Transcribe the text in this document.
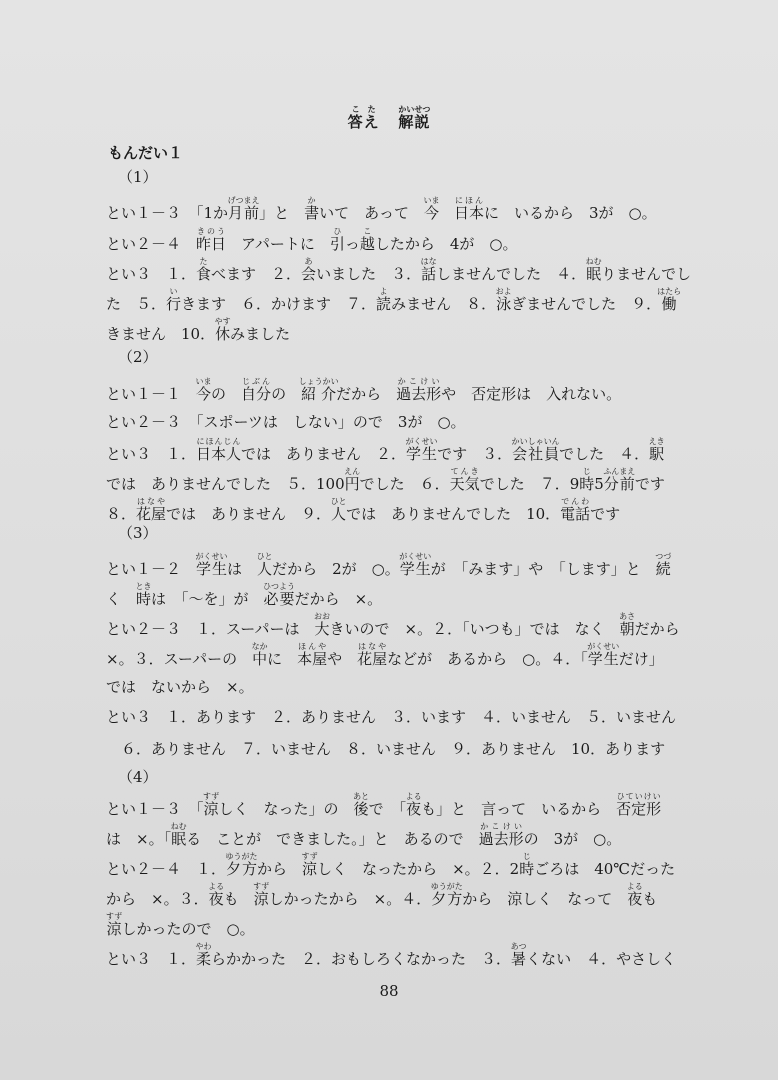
答えこた   解説かいせつ
もんだい１
（1）
（2）
（3）
（4）
とい１－３　「1か月前げつまえ」と　書かいて　あって　今いま　日本にほんに　いるから　3が　○。
とい２－４　昨日きのう　アパートに　引ひっ越こしたから　4が　○。
とい３　１．食たべます　２．会あいました　３．話はなしませんでした　４．眠ねむりませんでし
た　５．行いきます　６．かけます　７．読よみません　８．泳およぎませんでした　９．働はたら
きません　10．休やすみました
とい１－１　今いまの　自分じぶんの　紹介しょうかいだから　過去形かこけいや　否定形は　入れない。
とい２－３　「スポーツは　しない」ので　3が　○。
とい３　１．日本人にほんじんでは　ありません　２．学生がくせいです　３．会社員かいしゃいんでした　４．駅えき
では　ありませんでした　５．100円えんでした　６．天気てんきでした　７．9時じ5分前ふんまえです
８．花屋はなやでは　ありません　９．人ひとでは　ありませんでした　10．電話でんわです
とい１－２　学生がくせいは　人ひとだから　2が　○。学生がくせいが　「みます」や　「します」と　続つづ
く　時ときは　「～を」が　必要ひつようだから　×。
とい２－３　１．スーパーは　大おおきいので　×。２．「いつも」では　なく　朝あさだから
×。３．スーパーの　中なかに　本屋ほんやや　花屋はなやなどが　あるから　○。４．「学生がくせいだけ」
では　ないから　×。
とい３　１．あります　２．ありません　３．います　４．いません　５．いません
　６．ありません　７．いません　８．いません　９．ありません　10．あります
とい１－３　「涼すずしく　なった」の　後あとで　「夜よるも」と　言って　いるから　否定形ひていけい
は　×。「眠ねむる　ことが　できました。」と　あるので　過去形かこけいの　3が　○。
とい２－４　１．夕方ゆうがたから　涼すずしく　なったから　×。２．2時じごろは　40℃だった
から　×。３．夜よるも　涼すずしかったから　×。４．夕方ゆうがたから　涼しく　なって　夜よるも
涼すずしかったので　○。
とい３　１．柔やわらかかった　２．おもしろくなかった　３．暑あつくない　４．やさしく
88
